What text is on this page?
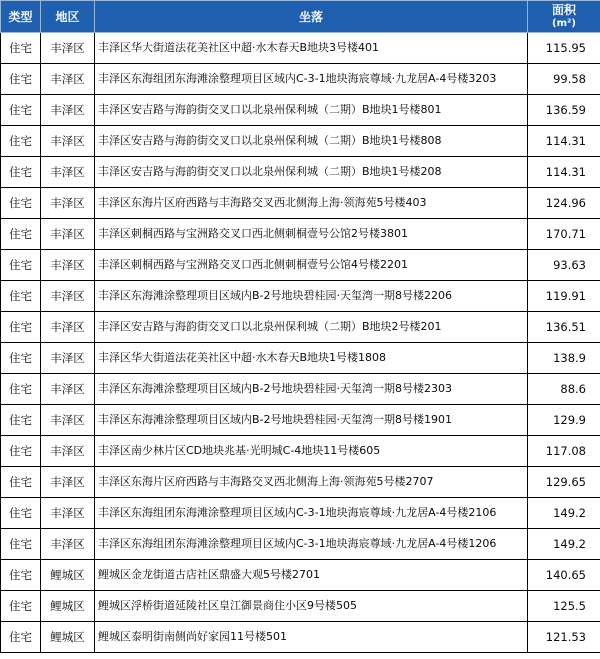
类型	地区	坐落	面积
(m²)

住宅	丰泽区	丰泽区华大街道法花美社区中超·水木春天B地块3号楼401	115.95
住宅	丰泽区	丰泽区东海组团东海滩涂整理项目区域内C-3-1地块海宸尊域·九龙居A-4号楼3203	99.58
住宅	丰泽区	丰泽区安吉路与海韵街交叉口以北泉州保利城（二期）B地块1号楼801	136.59
住宅	丰泽区	丰泽区安吉路与海韵街交叉口以北泉州保利城（二期）B地块1号楼808	114.31
住宅	丰泽区	丰泽区安吉路与海韵街交叉口以北泉州保利城（二期）B地块1号楼208	114.31
住宅	丰泽区	丰泽区东海片区府西路与丰海路交叉西北侧海上海·领海苑5号楼403	124.96
住宅	丰泽区	丰泽区刺桐西路与宝洲路交叉口西北侧刺桐壹号公馆2号楼3801	170.71
住宅	丰泽区	丰泽区刺桐西路与宝洲路交叉口西北侧刺桐壹号公馆4号楼2201	93.63
住宅	丰泽区	丰泽区东海滩涂整理项目区域内B-2号地块碧桂园·天玺湾一期8号楼2206	119.91
住宅	丰泽区	丰泽区安吉路与海韵街交叉口以北泉州保利城（二期）B地块2号楼201	136.51
住宅	丰泽区	丰泽区华大街道法花美社区中超·水木春天B地块1号楼1808	138.9
住宅	丰泽区	丰泽区东海滩涂整理项目区域内B-2号地块碧桂园·天玺湾一期8号楼2303	88.6
住宅	丰泽区	丰泽区东海滩涂整理项目区域内B-2号地块碧桂园·天玺湾一期8号楼1901	129.9
住宅	丰泽区	丰泽区南少林片区CD地块兆基·光明城C-4地块11号楼605	117.08
住宅	丰泽区	丰泽区东海片区府西路与丰海路交叉西北侧海上海·领海苑5号楼2707	129.65
住宅	丰泽区	丰泽区东海组团东海滩涂整理项目区域内C-3-1地块海宸尊域·九龙居A-4号楼2106	149.2
住宅	丰泽区	丰泽区东海组团东海滩涂整理项目区域内C-3-1地块海宸尊域·九龙居A-4号楼1206	149.2
住宅	鲤城区	鲤城区金龙街道古店社区鼎盛大观5号楼2701	140.65
住宅	鲤城区	鲤城区浮桥街道延陵社区皇江御景商住小区9号楼505	125.5
住宅	鲤城区	鲤城区泰明街南侧尚好家园11号楼501	121.53
